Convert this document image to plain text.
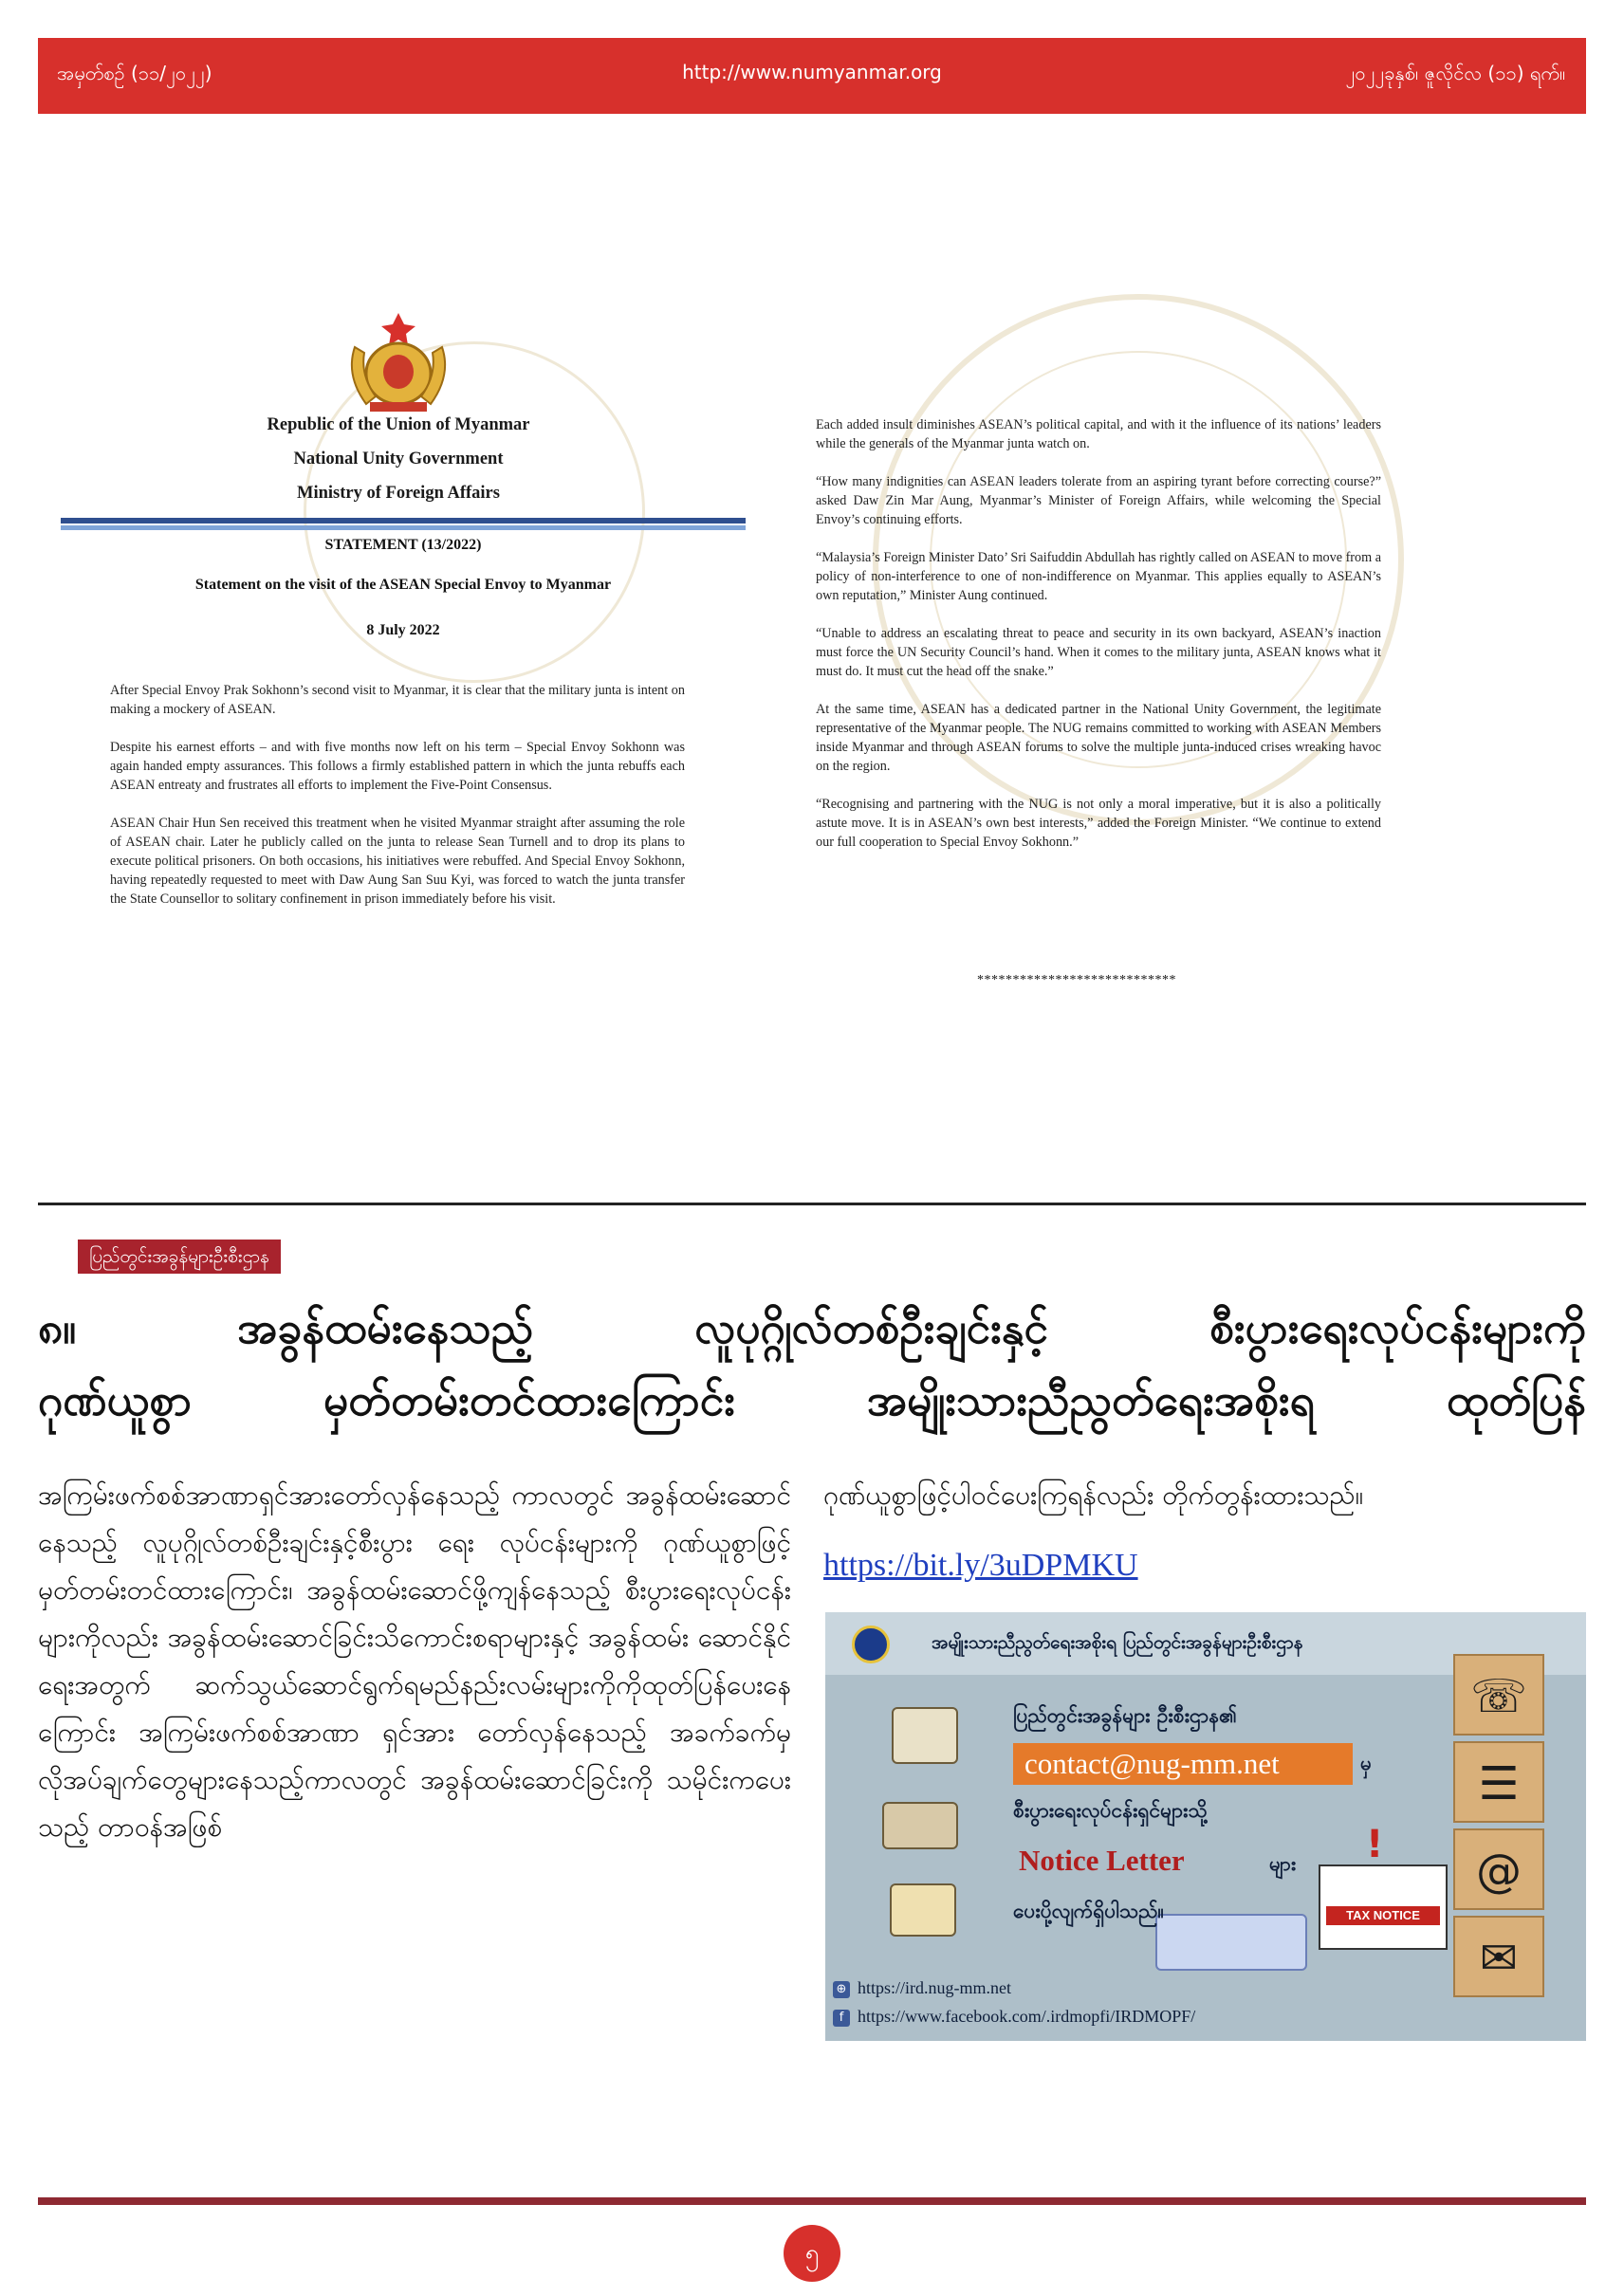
အမှတ်စဉ် (၁၁/၂၀၂၂)	http://www.numyanmar.org	၂၀၂၂ခုနှစ်၊ ဇူလိုင်လ (၁၁) ရက်။
Republic of the Union of Myanmar
National Unity Government
Ministry of Foreign Affairs
STATEMENT (13/2022)
Statement on the visit of the ASEAN Special Envoy to Myanmar
8 July 2022

After Special Envoy Prak Sokhonn’s second visit to Myanmar, it is clear that the military junta is intent on making a mockery of ASEAN.

Despite his earnest efforts – and with five months now left on his term – Special Envoy Sokhonn was again handed empty assurances. This follows a firmly established pattern in which the junta rebuffs each ASEAN entreaty and frustrates all efforts to implement the Five-Point Consensus.

ASEAN Chair Hun Sen received this treatment when he visited Myanmar straight after assuming the role of ASEAN chair. Later he publicly called on the junta to release Sean Turnell and to drop its plans to execute political prisoners. On both occasions, his initiatives were rebuffed. And Special Envoy Sokhonn, having repeatedly requested to meet with Daw Aung San Suu Kyi, was forced to watch the junta transfer the State Counsellor to solitary confinement in prison immediately before his visit.

Each added insult diminishes ASEAN’s political capital, and with it the influence of its nations’ leaders while the generals of the Myanmar junta watch on.

“How many indignities can ASEAN leaders tolerate from an aspiring tyrant before correcting course?” asked Daw Zin Mar Aung, Myanmar’s Minister of Foreign Affairs, while welcoming the Special Envoy’s continuing efforts.

“Malaysia’s Foreign Minister Dato’ Sri Saifuddin Abdullah has rightly called on ASEAN to move from a policy of non-interference to one of non-indifference on Myanmar. This applies equally to ASEAN’s own reputation,” Minister Aung continued.

“Unable to address an escalating threat to peace and security in its own backyard, ASEAN’s inaction must force the UN Security Council’s hand. When it comes to the military junta, ASEAN knows what it must do. It must cut the head off the snake.”

At the same time, ASEAN has a dedicated partner in the National Unity Government, the legitimate representative of the Myanmar people. The NUG remains committed to working with ASEAN Members inside Myanmar and through ASEAN forums to solve the multiple junta-induced crises wreaking havoc on the region.

“Recognising and partnering with the NUG is not only a moral imperative, but it is also a politically astute move. It is in ASEAN’s own best interests,” added the Foreign Minister. “We continue to extend our full cooperation to Special Envoy Sokhonn.”

****************************
ပြည်တွင်းအခွန်များဦးစီးဌာန
၈။ အခွန်ထမ်းနေသည့် လူပုဂ္ဂိုလ်တစ်ဦးချင်းနှင့် စီးပွားရေးလုပ်ငန်းများကို
ဂုဏ်ယူစွာ မှတ်တမ်းတင်ထားကြောင်း အမျိုးသားညီညွတ်ရေးအစိုးရ ထုတ်ပြန်
အကြမ်းဖက်စစ်အာဏာရှင်အားတော်လှန်နေသည့် ကာလတွင် အခွန်ထမ်းဆောင်နေသည့် လူပုဂ္ဂိုလ်တစ်ဦးချင်းနှင့်စီးပွား ရေး လုပ်ငန်းများကို ဂုဏ်ယူစွာဖြင့် မှတ်တမ်းတင်ထားကြောင်း၊ အခွန်ထမ်းဆောင်ဖို့ကျန်နေသည့် စီးပွားရေးလုပ်ငန်းများကိုလည်း အခွန်ထမ်းဆောင်ခြင်းသိကောင်းစရာများနှင့် အခွန်ထမ်း ဆောင်နိုင်ရေးအတွက် ဆက်သွယ်ဆောင်ရွက်ရမည်နည်းလမ်းများကိုကိုထုတ်ပြန်ပေးနေကြောင်း အကြမ်းဖက်စစ်အာဏာ ရှင်အား တော်လှန်နေသည့် အခက်ခက်မှ လိုအပ်ချက်တွေများနေသည့်ကာလတွင် အခွန်ထမ်းဆောင်ခြင်းကို သမိုင်းကပေး သည့် တာဝန်အဖြစ်
ဂုဏ်ယူစွာဖြင့်ပါဝင်ပေးကြရန်လည်း တိုက်တွန်းထားသည်။
https://bit.ly/3uDPMKU
အမျိုးသားညီညွတ်ရေးအစိုးရ ပြည်တွင်းအခွန်များဦးစီးဌာန
ပြည်တွင်းအခွန်များ ဦးစီးဌာန၏
contact@nug-mm.net	မှ
စီးပွားရေးလုပ်ငန်းရှင်များသို့
Notice Letter	များ
ပေးပို့လျက်ရှိပါသည်။	TAX NOTICE
!
☏
☰
@
✉
⊕ https://ird.nug-mm.net
f https://www.facebook.com/.irdmopfi/IRDMOPF/
၅
